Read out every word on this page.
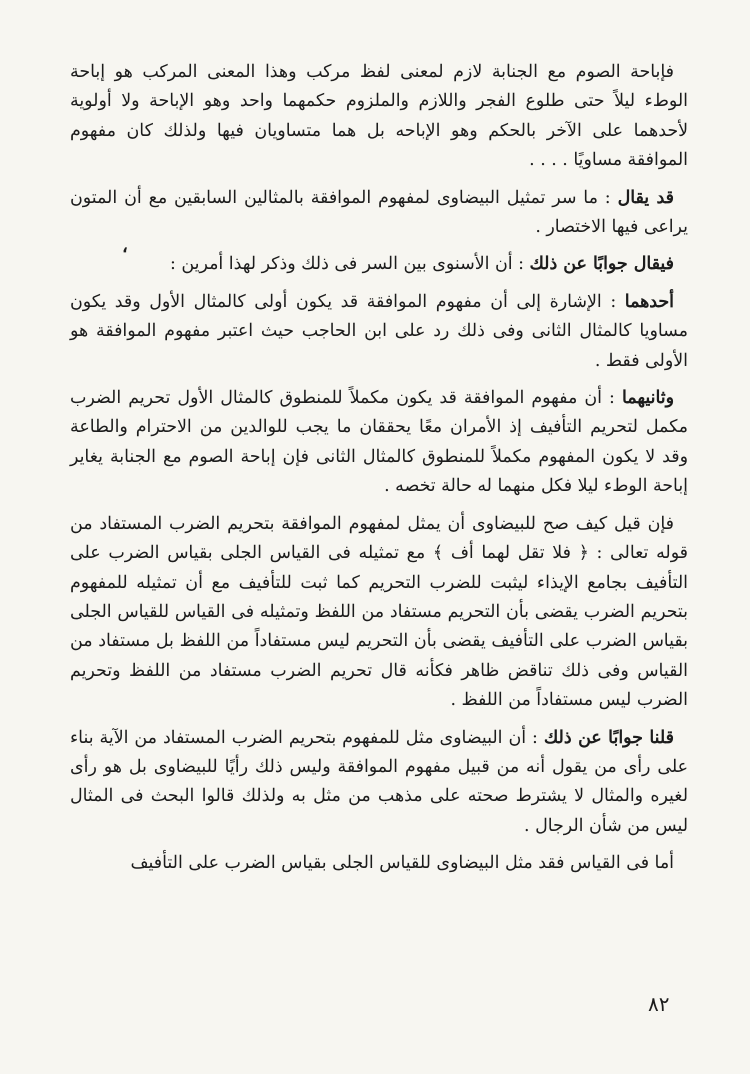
فإباحة الصوم مع الجنابة لازم لمعنى لفظ مركب وهذا المعنى المركب هو إباحة الوطء ليلاً حتى طلوع الفجر واللازم والملزوم حكمهما واحد وهو الإباحة ولا أولوية لأحدهما على الآخر بالحكم وهو الإباحه بل هما متساويان فيها ولذلك كان مفهوم الموافقة مساويًا . . . .

قد يقال : ما سر تمثيل البيضاوى لمفهوم الموافقة بالمثالين السابقين مع أن المتون يراعى فيها الاختصار .

فيقال جوابًا عن ذلك : أن الأسنوى بين السر فى ذلك وذكر لهذا أمرين :

أحدهما : الإشارة إلى أن مفهوم الموافقة قد يكون أولى كالمثال الأول وقد يكون مساويا كالمثال الثانى وفى ذلك رد على ابن الحاجب حيث اعتبر مفهوم الموافقة هو الأولى فقط .

وثانيهما : أن مفهوم الموافقة قد يكون مكملاً للمنطوق كالمثال الأول تحريم الضرب مكمل لتحريم التأفيف إذ الأمران معًا يحققان ما يجب للوالدين من الاحترام والطاعة وقد لا يكون المفهوم مكملاً للمنطوق كالمثال الثانى فإن إباحة الصوم مع الجنابة يغاير إباحة الوطء ليلا فكل منهما له حالة تخصه .

فإن قيل كيف صح للبيضاوى أن يمثل لمفهوم الموافقة بتحريم الضرب المستفاد من قوله تعالى : ﴿ فلا تقل لهما أف ﴾ مع تمثيله فى القياس الجلى بقياس الضرب على التأفيف بجامع الإيذاء ليثبت للضرب التحريم كما ثبت للتأفيف مع أن تمثيله للمفهوم بتحريم الضرب يقضى بأن التحريم مستفاد من اللفظ وتمثيله فى القياس للقياس الجلى بقياس الضرب على التأفيف يقضى بأن التحريم ليس مستفاداً من اللفظ بل مستفاد من القياس وفى ذلك تناقض ظاهر فكأنه قال تحريم الضرب مستفاد من اللفظ وتحريم الضرب ليس مستفاداً من اللفظ .

قلنا جوابًا عن ذلك : أن البيضاوى مثل للمفهوم بتحريم الضرب المستفاد من الآية بناء على رأى من يقول أنه من قبيل مفهوم الموافقة وليس ذلك رأيًا للبيضاوى بل هو رأى لغيره والمثال لا يشترط صحته على مذهب من مثل به ولذلك قالوا البحث فى المثال ليس من شأن الرجال .

أما فى القياس فقد مثل البيضاوى للقياس الجلى بقياس الضرب على التأفيف

،
٨٢
